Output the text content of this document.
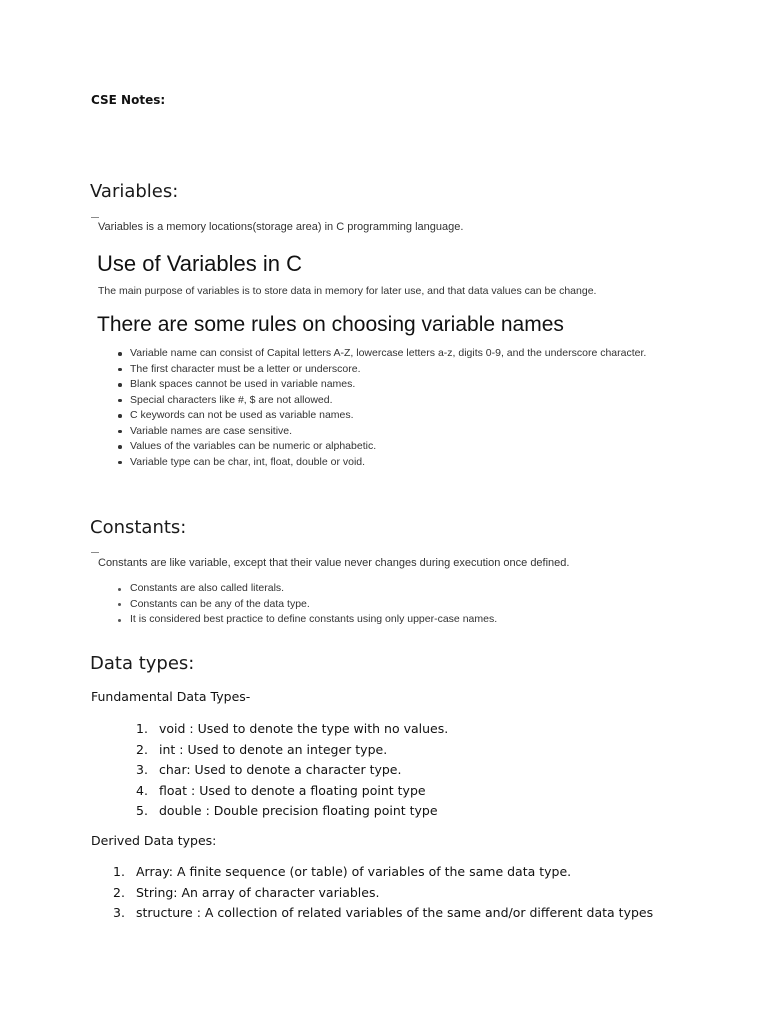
CSE Notes:
Variables:
Variables is a memory locations(storage area) in C programming language.
Use of Variables in C
The main purpose of variables is to store data in memory for later use, and that data values can be change.
There are some rules on choosing variable names
Variable name can consist of Capital letters A-Z, lowercase letters a-z, digits 0-9, and the underscore character.
The first character must be a letter or underscore.
Blank spaces cannot be used in variable names.
Special characters like #, $ are not allowed.
C keywords can not be used as variable names.
Variable names are case sensitive.
Values of the variables can be numeric or alphabetic.
Variable type can be char, int, float, double or void.
Constants:
Constants are like variable, except that their value never changes during execution once defined.
Constants are also called literals.
Constants can be any of the data type.
It is considered best practice to define constants using only upper-case names.
Data types:
Fundamental Data Types-
1. void : Used to denote the type with no values.
2. int : Used to denote an integer type.
3. char: Used to denote a character type.
4. float : Used to denote a floating point type
5. double : Double precision floating point type
Derived Data types:
1. Array: A finite sequence (or table) of variables of the same data type.
2. String: An array of character variables.
3. structure : A collection of related variables of the same and/or different data types
